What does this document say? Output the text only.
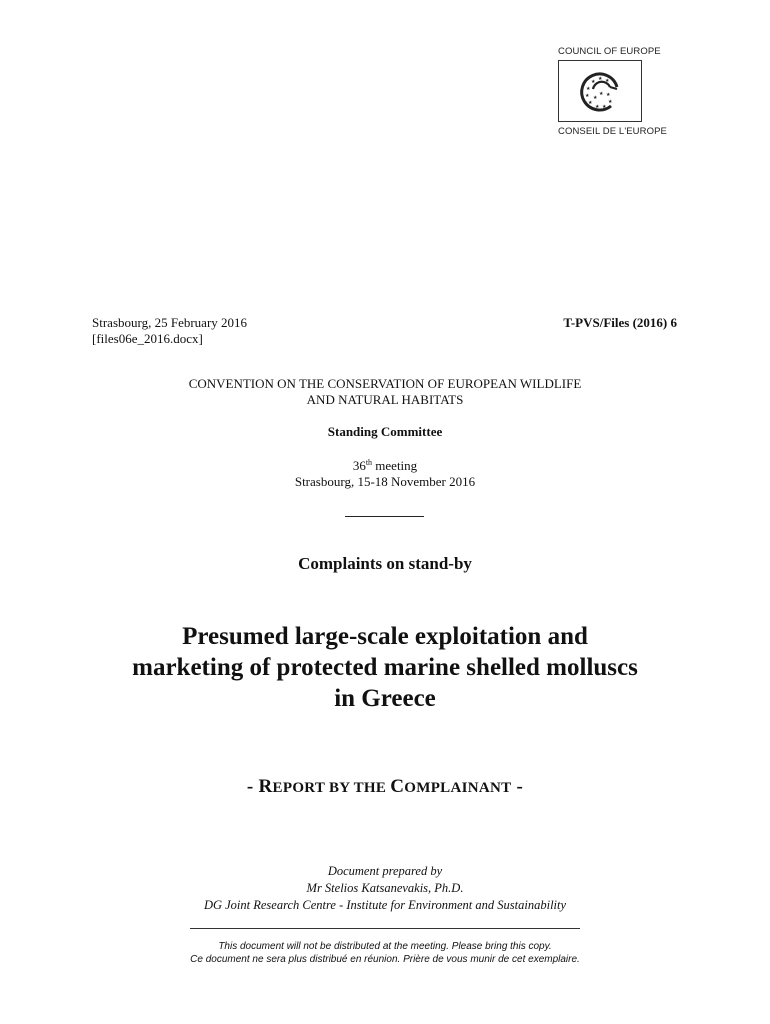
COUNCIL OF EUROPE
★ ★
★
★
★
★
★ ★
★
★ ★
★
CONSEIL DE L'EUROPE
Strasbourg, 25 February 2016
[files06e_2016.docx]
T-PVS/Files (2016) 6
CONVENTION ON THE CONSERVATION OF EUROPEAN WILDLIFE
AND NATURAL HABITATS
Standing Committee
36th meeting
Strasbourg, 15-18 November 2016
Complaints on stand-by
Presumed large-scale exploitation and
marketing of protected marine shelled molluscs
in Greece
- REPORT BY THE COMPLAINANT -
Document prepared by
Mr Stelios Katsanevakis, Ph.D.
DG Joint Research Centre - Institute for Environment and Sustainability
This document will not be distributed at the meeting. Please bring this copy.
Ce document ne sera plus distribué en réunion. Prière de vous munir de cet exemplaire.
